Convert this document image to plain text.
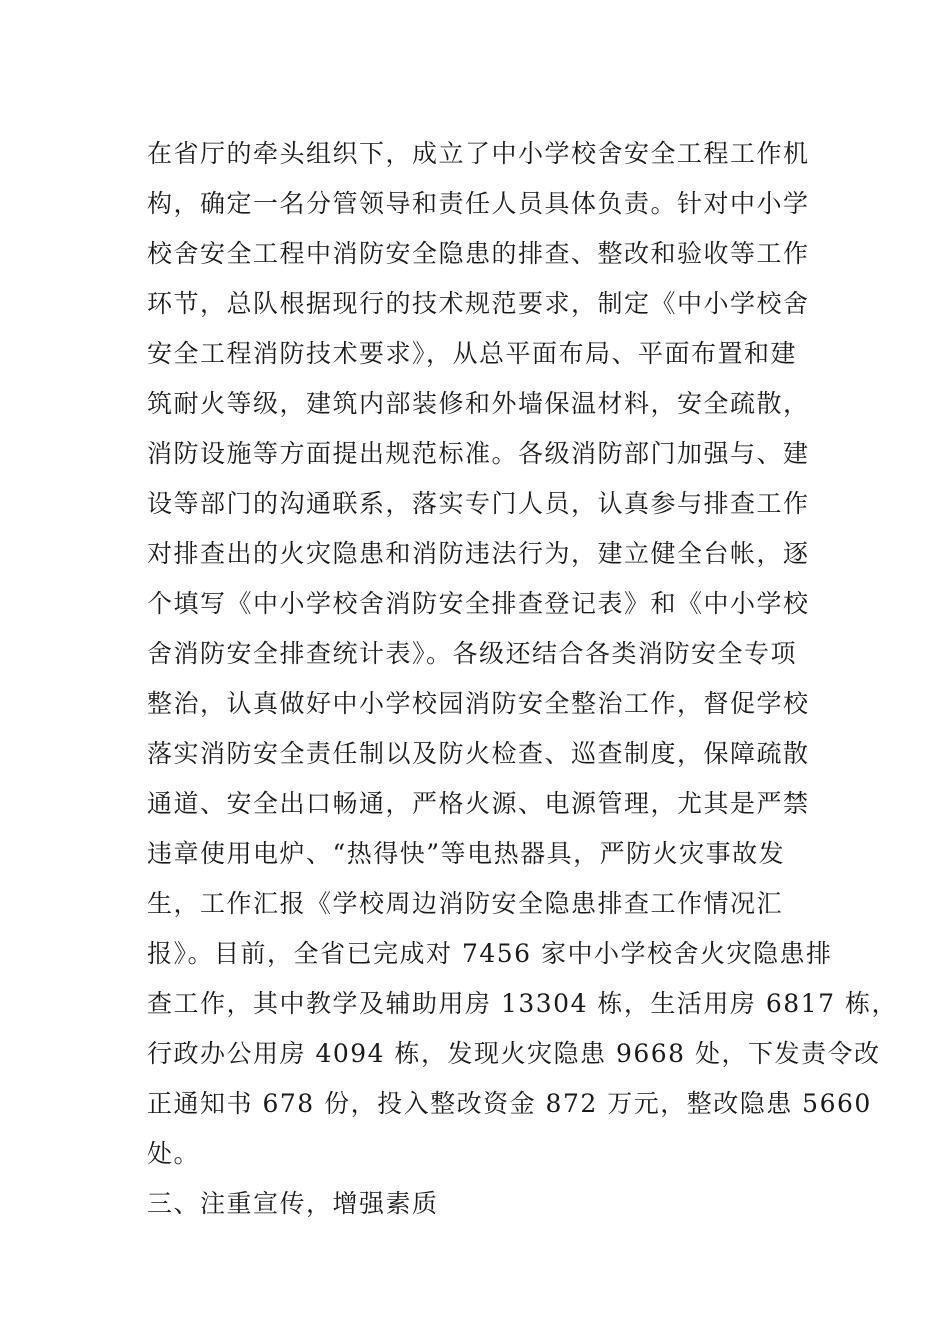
在省厅的牵头组织下，成立了中小学校舍安全工程工作机
构，确定一名分管领导和责任人员具体负责。针对中小学
校舍安全工程中消防安全隐患的排查、整改和验收等工作
环节，总队根据现行的技术规范要求，制定《中小学校舍
安全工程消防技术要求》，从总平面布局、平面布置和建
筑耐火等级，建筑内部装修和外墙保温材料，安全疏散，
消防设施等方面提出规范标准。各级消防部门加强与、建
设等部门的沟通联系，落实专门人员，认真参与排查工作
对排查出的火灾隐患和消防违法行为，建立健全台帐，逐
个填写《中小学校舍消防安全排查登记表》和《中小学校
舍消防安全排查统计表》。各级还结合各类消防安全专项
整治，认真做好中小学校园消防安全整治工作，督促学校
落实消防安全责任制以及防火检查、巡查制度，保障疏散
通道、安全出口畅通，严格火源、电源管理，尤其是严禁
违章使用电炉、“热得快”等电热器具，严防火灾事故发
生，工作汇报《学校周边消防安全隐患排查工作情况汇
报》。目前，全省已完成对 7456 家中小学校舍火灾隐患排
查工作，其中教学及辅助用房 13304 栋，生活用房 6817 栋，
行政办公用房 4094 栋，发现火灾隐患 9668 处，下发责令改
正通知书 678 份，投入整改资金 872 万元，整改隐患 5660
处。
三、注重宣传，增强素质
